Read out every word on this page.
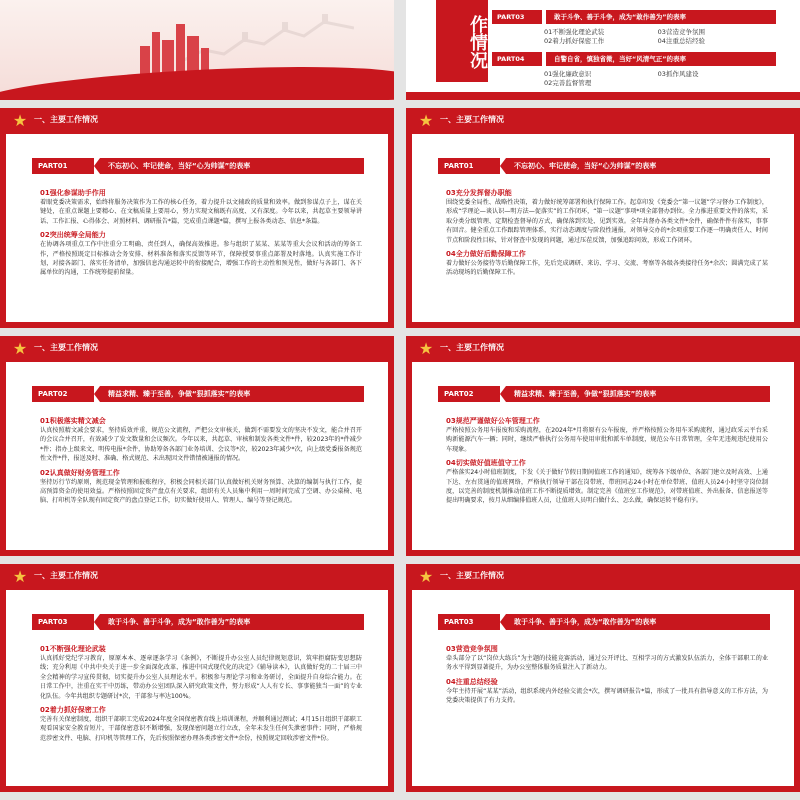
作情况	PART03	敢于斗争、善于斗争，成为“敢作善为”的表率
01不断强化理论武装	03营造竞争氛围
02着力抓好保密工作	04注重总结经验
PART04	自警自省，慎独省微，当好“风清气正”的表率
01强化廉政意识	03抓作风建设
02完善监督管理
★ 一、主要工作情况
PART01	不忘初心、牢记使命，当好“心为帅谋”的表率
01强化参谋助手作用

着眼党委决策需求，始终将服务决策作为工作的核心任务，着力提升以文辅政的质量和效率。做到参谋点子上，谋在关键处，在重点课题上要精心、在文稿质量上要用心，努力实现文稿既有高度、又有深度。今年以来，共起草主要领导讲话、工作汇报、心得体会、对照材料、调研报告*篇，完成重点课题*篇，撰写上报各类动态、信息*条篇。

02突出统筹全局能力

在协调各项重点工作中注重分工明确、责任到人，确保高效推进。参与组织了某某、某某等重大会议和活动的筹备工作，严格按照既定目标推动会务安排、材料准备和落实反馈等环节，保障授要事重点部署及时落地。认真实施工作计划，对接各部门、落实任务清单，加强信息沟通运转中的衔接配合，增强工作的主动性和预见性，做好与各部门、各下属单位的沟通，工作统筹提前留量。

★ 一、主要工作情况
PART01	不忘初心、牢记使命，当好“心为帅谋”的表率
03充分发挥督办职能

围绕党委全局性、战略性决策，着力做好统筹部署和执行保障工作。起草印发《党委会“第一议题”学习督办工作制度》，形成“学理论—谈认识—明方法—促落实”的工作闭环，“第一议题”事项*项全部督办到位。全力推进重要文件的落实，采取分类分级管理、定期检查督导的方式，确保落到实处、见到实效。全年共督办各类文件*余件，确保件件有落实，事事有回音。健全重点工作跟踪管理体系，实行动态调度与阶段性通报，对领导交办的*余项重要工作逐一明确责任人、时间节点和阶段性目标，针对督查中发现的问题，通过压茬反馈，加强追踪问效，形成工作闭环。

04全力做好后勤保障工作

着力做好公务接待等后勤保障工作，先后完成调研、来访、学习、交流、考察等各级各类接待任务*余次；圆满完成了某活动现场的后勤保障工作。

★ 一、主要工作情况
PART02	精益求精、臻于至善，争做“狠抓落实”的表率
01积极落实精文减会

认真按照精文减会要求，坚持质效并重，规范公文流程，严把公文审核关，做到不需要发文的坚决不发文，能合并召开的会议合并召开，有效减少了发文数量和会议频次。今年以来，共起草、审核和制发各类文件*件，较2023年的*件减少*件；指办上级来文、明传电报*余件，协助筹备各部门业务培训、会议等*次，较2023年减少*次，向上级党委报备规范性文件*件，报送及时、准确、格式规范、未出现因文件错情被通报的情况。

02认真做好财务管理工作

坚持厉行节约原则，规范现金管理和报账程序，积极会同相关部门认真做好机关财务预算、决算的编制与执行工作，提高预算资金的使用效益。严格按照固定资产盘点有关要求，组织有关人员集中利用一周时间完成了空调、办公桌椅、电脑、打印机等全队现有固定资产的盘点登记工作，切实做好使用人、管理人、编号等登记规范。

★ 一、主要工作情况
PART02	精益求精、臻于至善，争做“狠抓落实”的表率
03规范严谨做好公车管理工作

严格按照公务用车报废和采购流程，在2024年*月将原有公车报废，并严格按照公务用车采购流程，通过政采云平台采购新能源汽车一辆；同时，继续严格执行公务用车使用审批和派车单制度，规范公车日常管理，全年无违规违纪使用公车现象。

04切实做好值班值守工作

严格落实24小时值班制度，下发《关于做好节假日期间值班工作的通知》，统筹各下级单位、各部门建立及时高效、上通下达、左右贯通的值班网络，严格执行领导干部在岗带班、带班同志24小时在单位带班、值班人员24小时坚守岗位制度，以完善的制度机制推动值班工作不断提质增效。制定完善《值班室工作规范》，对带班值班、外出报备、信息报送等提出明确要求，按月从细编排值班人员，让值班人员明白做什么、怎么做，确保运转平稳有序。

★ 一、主要工作情况
PART03	敢于斗争、善于斗争，成为“敢作善为”的表率
01不断强化理论武装

认真抓好党纪学习教育，原原本本、逐章逐条学习《条例》，不断提升办公室人员纪律规矩意识，筑牢拒腐防变思想防线；充分利用《中共中央关于进一步全面深化改革、推进中国式现代化的决定》《辅导读本》，认真做好党的二十届三中全会精神的学习宣传贯彻，切实提升办公室人员理论水平。积极参与理论学习和业务研讨，全面提升自身综合能力。在日常工作中，注重在实干中历练，带动办公室团队深入研究政策文件，努力形成“人人有专长、事事能独当一面”的专业化队伍。今年共组织专题研讨*次，干部参与率达100%。

02着力抓好保密工作

完善有关保密制度，组织干部职工完成2024年度全国保密教育线上培训课程，并顺利通过测试；4月15日组织干部职工观看国家安全教育短片，干部保密意识不断增强，发现保密问题立行立改，全年未发生任何失泄密事件；同时，严格规范涉密文件、电脑、打印机等管理工作，先后按照保密办理各类涉密文件*余份，按照规定回收涉密文件*份。

★ 一、主要工作情况
PART03	敢于斗争、善于斗争，成为“敢作善为”的表率
03营造竞争氛围

牵头部分了以“岗位大练兵”为主题的技能竞赛活动，通过公开评比、互相学习的方式激发队伍活力，全体干部职工的业务水平得到显著提升，为办公室整体服务质量注入了新动力。

04注重总结经验

今年主持开展“某某”活动，组织系统内外经验交流会*次，撰写调研报告*篇，形成了一批具有指导意义的工作方法，为党委决策提供了有力支持。
